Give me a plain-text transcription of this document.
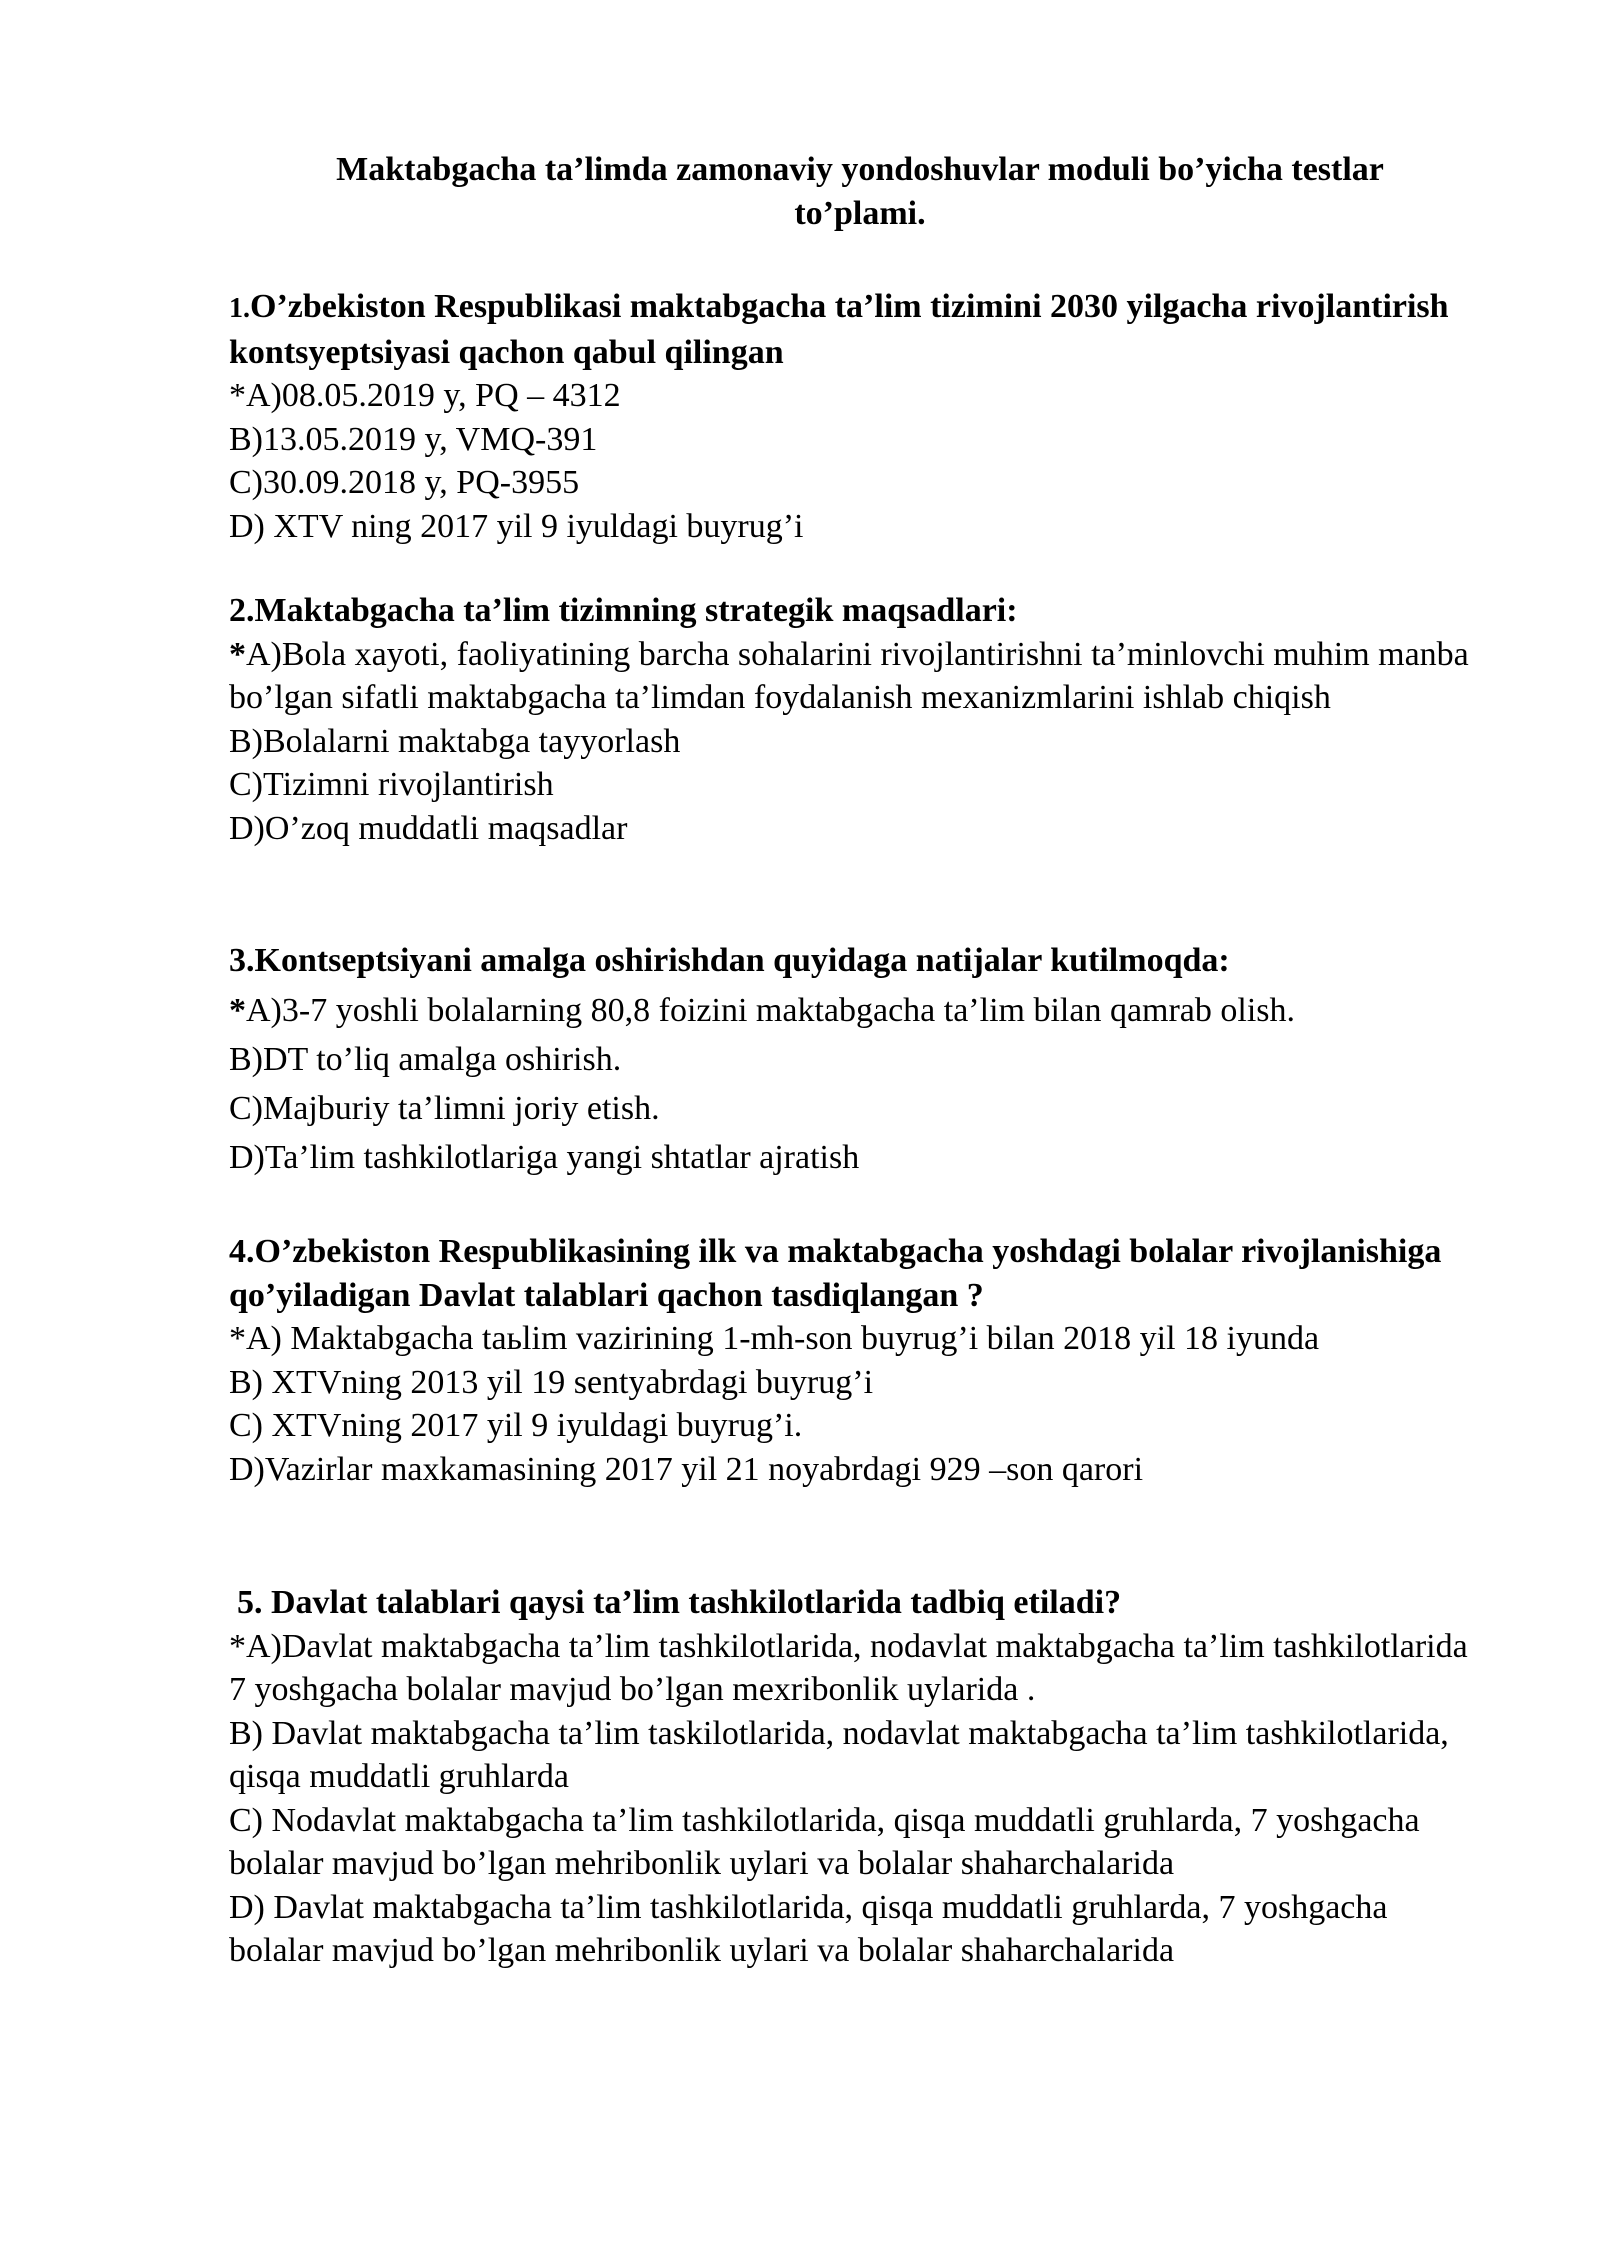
Maktabgacha ta’limda zamonaviy yondoshuvlar moduli bo’yicha testlar
to’plami.
1.O’zbekiston Respublikasi maktabgacha ta’lim tizimini 2030 yilgacha rivojlantirish kontsyeptsiyasi qachon qabul qilingan
*A)08.05.2019 y, PQ – 4312
B)13.05.2019 y, VMQ-391
C)30.09.2018 y, PQ-3955
D) XTV ning 2017 yil 9 iyuldagi buyrug’i
2.Maktabgacha ta’lim tizimning strategik maqsadlari:
*A)Bola xayoti, faoliyatining barcha sohalarini rivojlantirishni ta’minlovchi muhim manba bo’lgan sifatli maktabgacha ta’limdan foydalanish mexanizmlarini ishlab chiqish
B)Bolalarni maktabga tayyorlash
C)Tizimni rivojlantirish
D)O’zoq muddatli maqsadlar
3.Kontseptsiyani amalga oshirishdan quyidaga natijalar kutilmoqda:
*A)3-7 yoshli bolalarning 80,8 foizini maktabgacha ta’lim bilan qamrab olish.
B)DT to’liq amalga oshirish.
C)Majburiy ta’limni joriy etish.
D)Ta’lim tashkilotlariga yangi shtatlar ajratish
4.O’zbekiston Respublikasining ilk va maktabgacha yoshdagi bolalar rivojlanishiga qo’yiladigan Davlat talablari qachon tasdiqlangan ?
*A) Maktabgacha taьlim vazirining 1-mh-son buyrug’i bilan 2018 yil 18 iyunda
B) XTVning 2013 yil 19 sentyabrdagi buyrug’i
C) XTVning 2017 yil 9 iyuldagi buyrug’i.
D)Vazirlar maxkamasining 2017 yil 21 noyabrdagi 929 –son qarori
5. Davlat talablari qaysi ta’lim tashkilotlarida tadbiq etiladi?
*A)Davlat maktabgacha ta’lim tashkilotlarida, nodavlat maktabgacha ta’lim tashkilotlarida 7 yoshgacha bolalar mavjud bo’lgan mexribonlik uylarida .
B) Davlat maktabgacha ta’lim taskilotlarida, nodavlat maktabgacha ta’lim tashkilotlarida, qisqa muddatli gruhlarda
C) Nodavlat maktabgacha ta’lim tashkilotlarida, qisqa muddatli gruhlarda, 7 yoshgacha bolalar mavjud bo’lgan mehribonlik uylari va bolalar shaharchalarida
D) Davlat maktabgacha ta’lim tashkilotlarida, qisqa muddatli gruhlarda, 7 yoshgacha bolalar mavjud bo’lgan mehribonlik uylari va bolalar shaharchalarida
